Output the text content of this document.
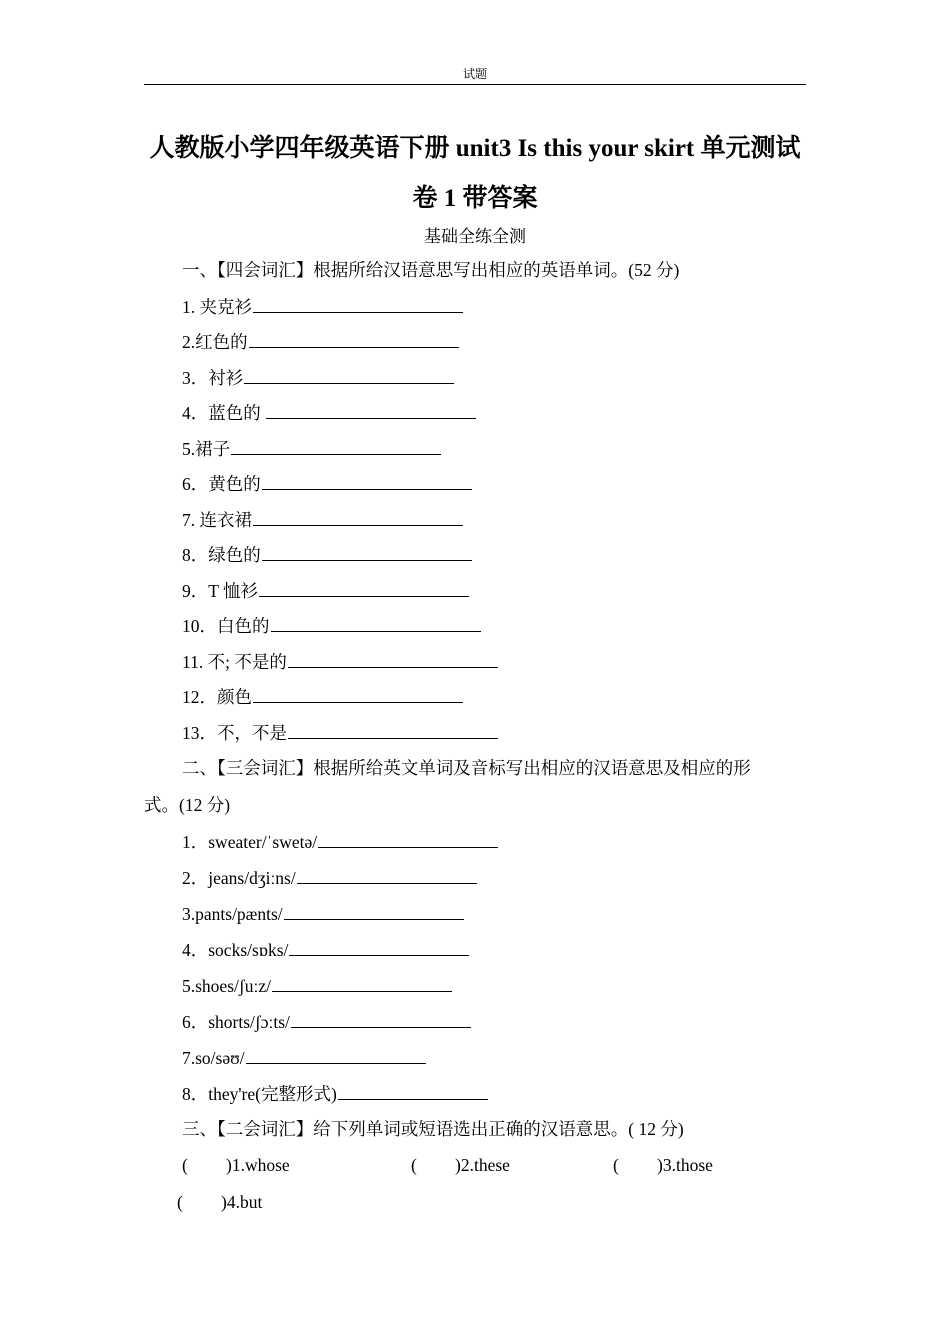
试题
人教版小学四年级英语下册 unit3 Is this your skirt 单元测试
卷 1 带答案
基础全练全测
一、【四会词汇】根据所给汉语意思写出相应的英语单词。(52 分)
1. 夹克衫
2.红色的
3．衬衫
4．蓝色的
5.裙子
6．黄色的
7. 连衣裙
8．绿色的
9．T 恤衫
10．白色的
11. 不; 不是的
12．颜色
13．不，不是
二、【三会词汇】根据所给英文单词及音标写出相应的汉语意思及相应的形
式。(12 分)
1．sweater/ˈswetə/
2．jeans/dʒiːns/
3.pants/pænts/
4．socks/sɒks/
5.shoes/ʃuːz/
6．shorts/ʃɔːts/
7.so/səʊ/
8．they're(完整形式)
三、【二会词汇】给下列单词或短语选出正确的汉语意思。( 12 分)
( )1.whose	( )2.these	( )3.those
( )4.but
